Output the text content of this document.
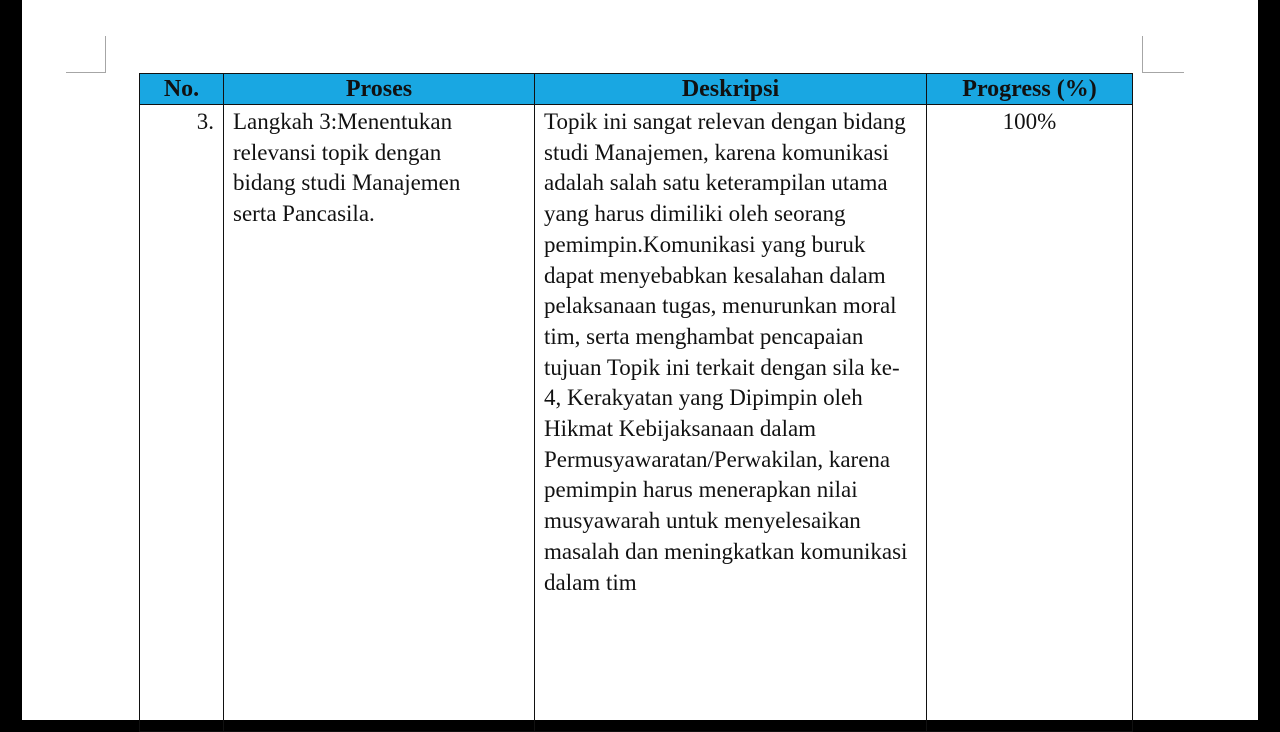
No.	Proses	Deskripsi	Progress (%)
3.	Langkah 3:Menentukan relevansi topik dengan bidang studi Manajemen serta Pancasila.	Topik ini sangat relevan dengan bidang studi Manajemen, karena komunikasi adalah salah satu keterampilan utama yang harus dimiliki oleh seorang pemimpin.Komunikasi yang buruk dapat menyebabkan kesalahan dalam pelaksanaan tugas, menurunkan moral tim, serta menghambat pencapaian tujuan Topik ini terkait dengan sila ke-4, Kerakyatan yang Dipimpin oleh Hikmat Kebijaksanaan dalam Permusyawaratan/Perwakilan, karena pemimpin harus menerapkan nilai musyawarah untuk menyelesaikan masalah dan meningkatkan komunikasi dalam tim	100%
